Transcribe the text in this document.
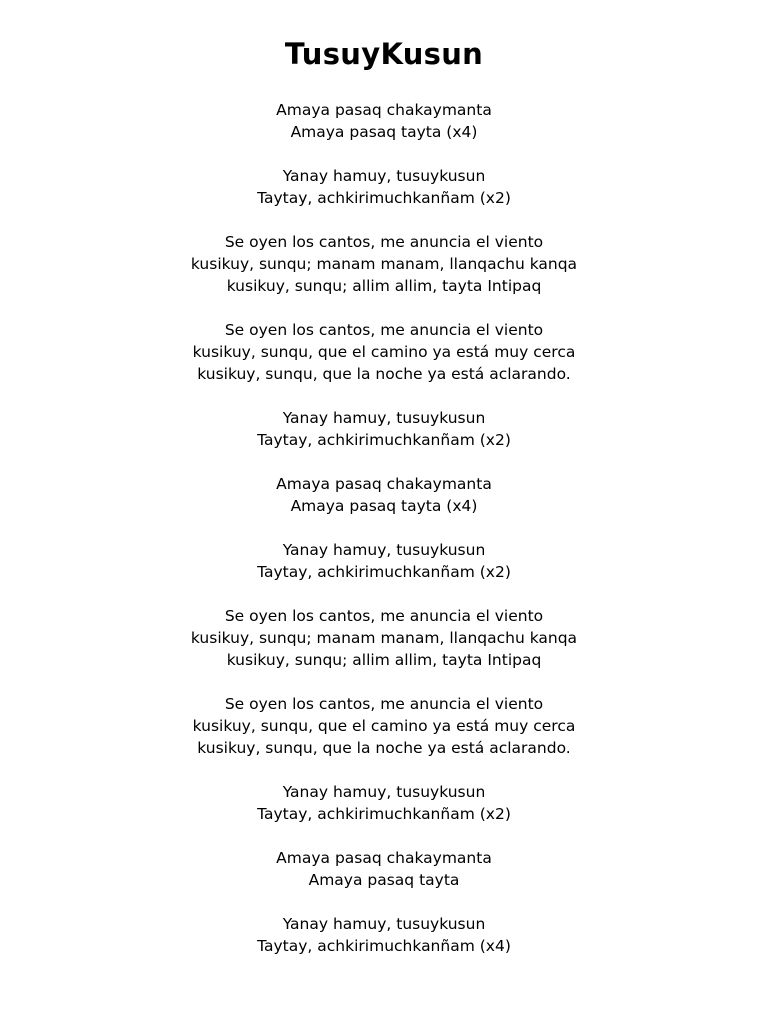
TusuyKusun
Amaya pasaq chakaymanta
Amaya pasaq tayta (x4)
Yanay hamuy, tusuykusun
Taytay, achkirimuchkanñam (x2)
Se oyen los cantos, me anuncia el viento
kusikuy, sunqu; manam manam, llanqachu kanqa
kusikuy, sunqu; allim allim, tayta Intipaq
Se oyen los cantos, me anuncia el viento
kusikuy, sunqu, que el camino ya está muy cerca
kusikuy, sunqu, que la noche ya está aclarando.
Yanay hamuy, tusuykusun
Taytay, achkirimuchkanñam (x2)
Amaya pasaq chakaymanta
Amaya pasaq tayta (x4)
Yanay hamuy, tusuykusun
Taytay, achkirimuchkanñam (x2)
Se oyen los cantos, me anuncia el viento
kusikuy, sunqu; manam manam, llanqachu kanqa
kusikuy, sunqu; allim allim, tayta Intipaq
Se oyen los cantos, me anuncia el viento
kusikuy, sunqu, que el camino ya está muy cerca
kusikuy, sunqu, que la noche ya está aclarando.
Yanay hamuy, tusuykusun
Taytay, achkirimuchkanñam (x2)
Amaya pasaq chakaymanta
Amaya pasaq tayta
Yanay hamuy, tusuykusun
Taytay, achkirimuchkanñam (x4)
